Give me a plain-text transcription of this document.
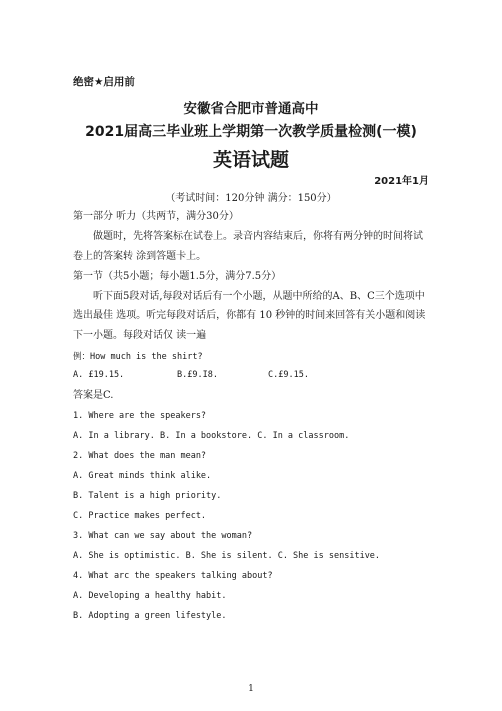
绝密★启用前
安徽省合肥市普通高中
2021届高三毕业班上学期第一次教学质量检测(一模)
英语试题
2021年1月
（考试时间：120分钟 满分：150分）
第一部分 听力（共两节，满分30分）
做题时，先将答案标在试卷上。录音内容结束后，你将有两分钟的时间将试
卷上的答案转 涂到答题卡上。
第一节（共5小题；每小题1.5分，满分7.5分）
听下面5段对话,每段对话后有一个小题，从题中所给的A、B、C三个选项中
选出最佳 选项。听完每段对话后，你都有 10 秒钟的时间来回答有关小题和阅读
下一小题。每段对话仅 读一遍
例：How much is the shirt?
A. £19.15.	B.£9.I8.	C.£9.15.
答案是C.
1. Where are the speakers?
A. In a library. B. In a bookstore. C. In a classroom.
2. What does the man mean?
A. Great minds think alike.
B. Talent is a high priority.
C. Practice makes perfect.
3. What can we say about the woman?
A. She is optimistic. B. She is silent. C. She is sensitive.
4. What arc the speakers talking about?
A. Developing a healthy habit.
B. Adopting a green lifestyle.
1
